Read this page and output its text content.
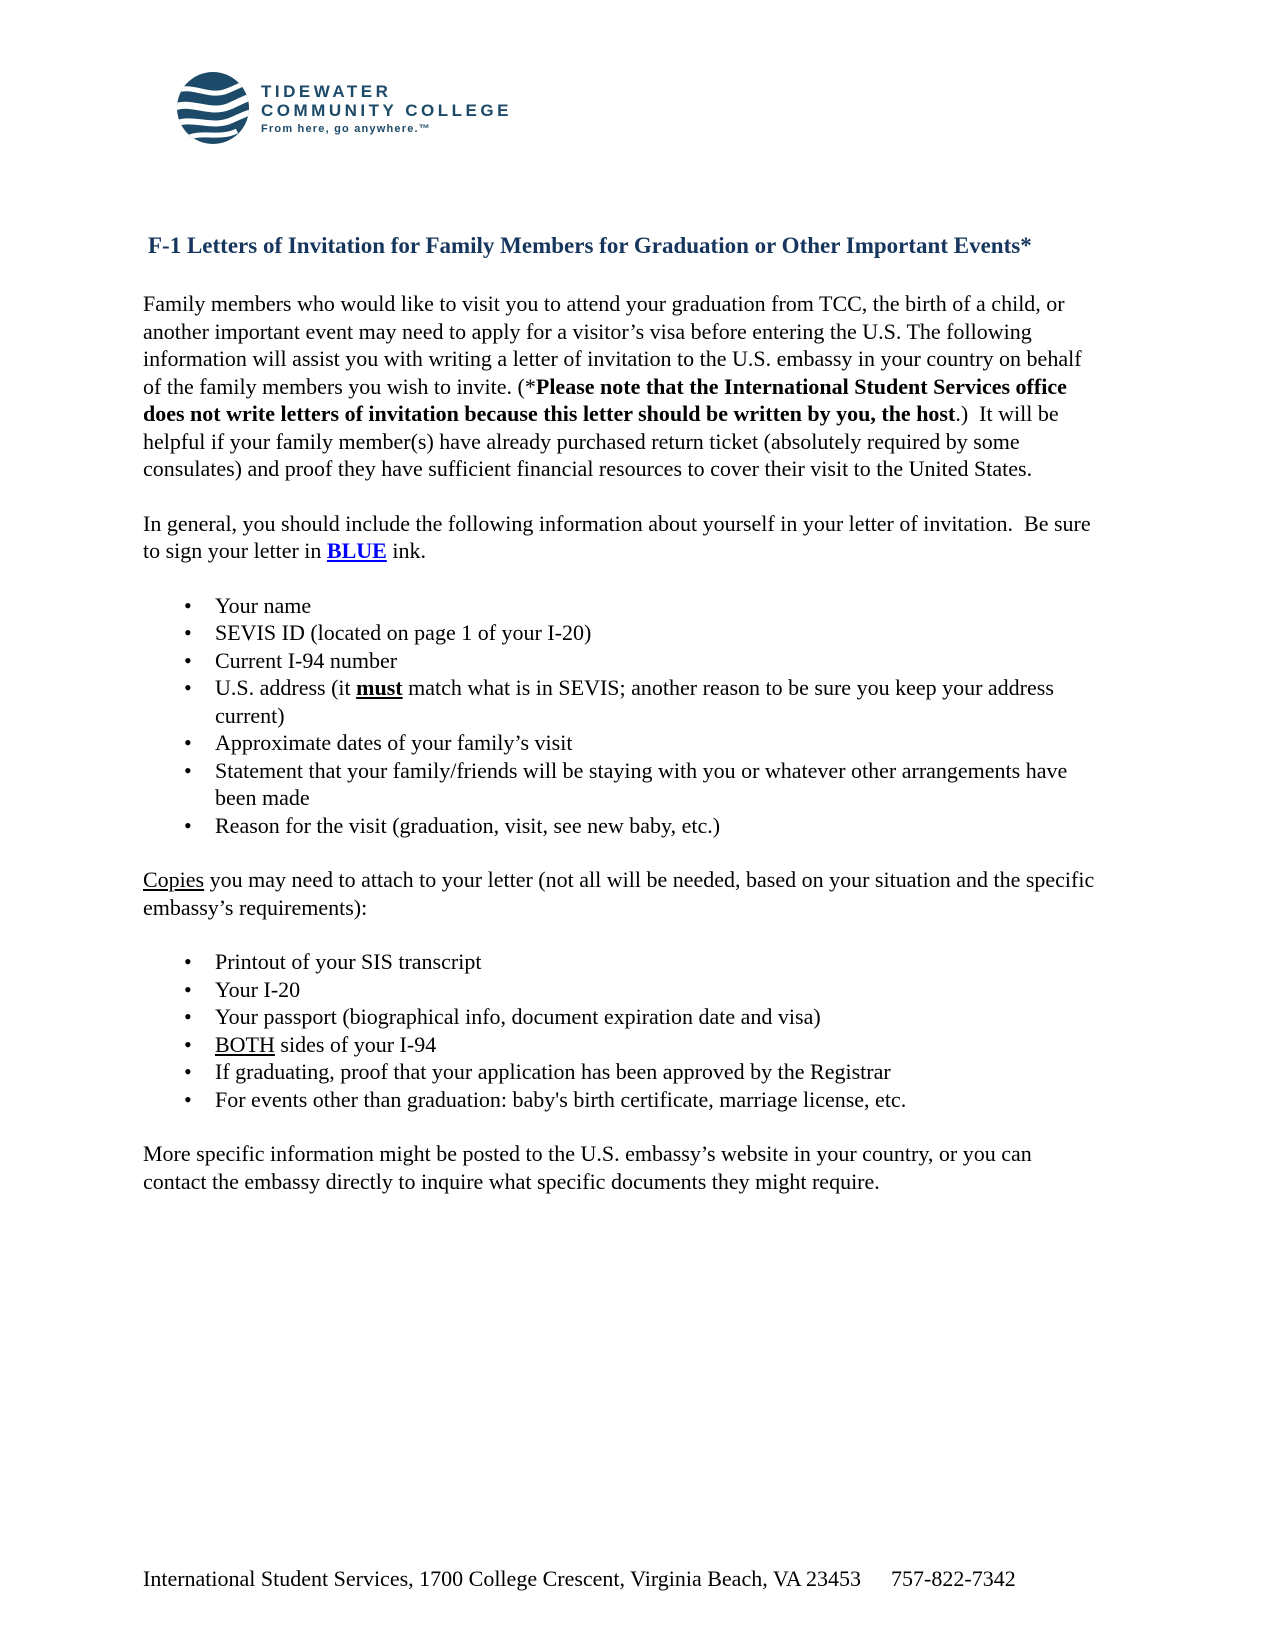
TIDEWATER
COMMUNITY COLLEGE
From here, go anywhere.™
F-1 Letters of Invitation for Family Members for Graduation or Other Important Events*

Family members who would like to visit you to attend your graduation from TCC, the birth of a child, or another important event may need to apply for a visitor’s visa before entering the U.S. The following information will assist you with writing a letter of invitation to the U.S. embassy in your country on behalf of the family members you wish to invite. (*Please note that the International Student Services office does not write letters of invitation because this letter should be written by you, the host.)  It will be helpful if your family member(s) have already purchased return ticket (absolutely required by some consulates) and proof they have sufficient financial resources to cover their visit to the United States.

In general, you should include the following information about yourself in your letter of invitation.  Be sure to sign your letter in BLUE ink.

• Your name
• SEVIS ID (located on page 1 of your I-20)
• Current I-94 number
• U.S. address (it must match what is in SEVIS; another reason to be sure you keep your address current)
• Approximate dates of your family’s visit
• Statement that your family/friends will be staying with you or whatever other arrangements have been made
• Reason for the visit (graduation, visit, see new baby, etc.)

Copies you may need to attach to your letter (not all will be needed, based on your situation and the specific embassy’s requirements):

• Printout of your SIS transcript
• Your I-20
• Your passport (biographical info, document expiration date and visa)
• BOTH sides of your I-94
• If graduating, proof that your application has been approved by the Registrar
• For events other than graduation: baby's birth certificate, marriage license, etc.

More specific information might be posted to the U.S. embassy’s website in your country, or you can contact the embassy directly to inquire what specific documents they might require.

International Student Services, 1700 College Crescent, Virginia Beach, VA 23453 757-822-7342
